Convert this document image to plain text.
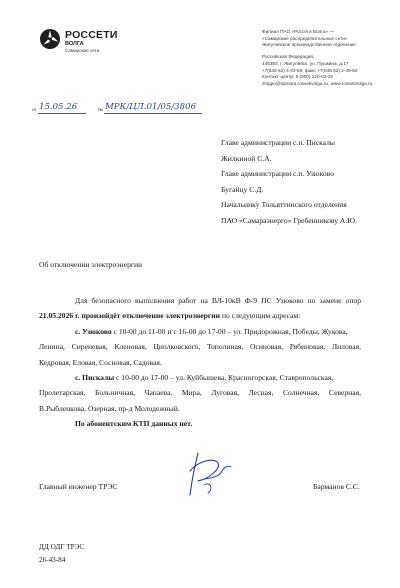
РОССЕТИ
ВОЛГА
Самарские сети
Филиал ПАО «Россети Волга» —
«Самарские распределительные сети»
Жигулевское производственное отделение
Российская Федерация,
445350, г. Жигулевск, ул. Пушкина, д.17
+7(848 62) 4-43-59, факс +7(848 62) 2-39-50
Контакт-центр: 8 (800) 220-02-20
zhigpo@samara.rossetivolga.ru, www.rossetivolga.ru
от 15.05.26	№ МРК/ЦЛ.01/05/3806
Главе администрации с.п. Пискалы
Жилкиной С.А.
Главе администрации с.п. Узюково
Бугайцу С.Д.
Начальнику Тольяттинского отделения
ПАО «Самараэнерго» Гребенникову А.Ю.
Об отключении электроэнергии
Для безопасного выполнения работ на ВЛ-10кВ Ф-9 ПС Узюково по замене опор
21.05.2026 г. произойдёт отключение электроэнергии по следующим адресам:
с. Узюково с 10-00 до 11-00 и с 16-00 до 17-00 – ул. Придорожная, Победы, Жукова,
Ленина, Сиреневая, Кленовая, Циолковского, Тополиная, Осиновая, Рябиновая, Лиловая,
Кедровая, Еловая, Сосновая, Садовая.
с. Пискалы с 10-00 до 17-00 – ул. Куйбышева, Красногорская, Ставропольская,
Пролетарская, Больничная, Чапаева, Мира, Луговая, Лесная, Солнечная, Северная,
В.Рыбленкова, Озерная, пр-д Молодежный.
По абонентским КТП данных нет.
Главный инженер ТРЭС	Барманов С.С.
ДД ОДГ ТРЭС
26-43-84
